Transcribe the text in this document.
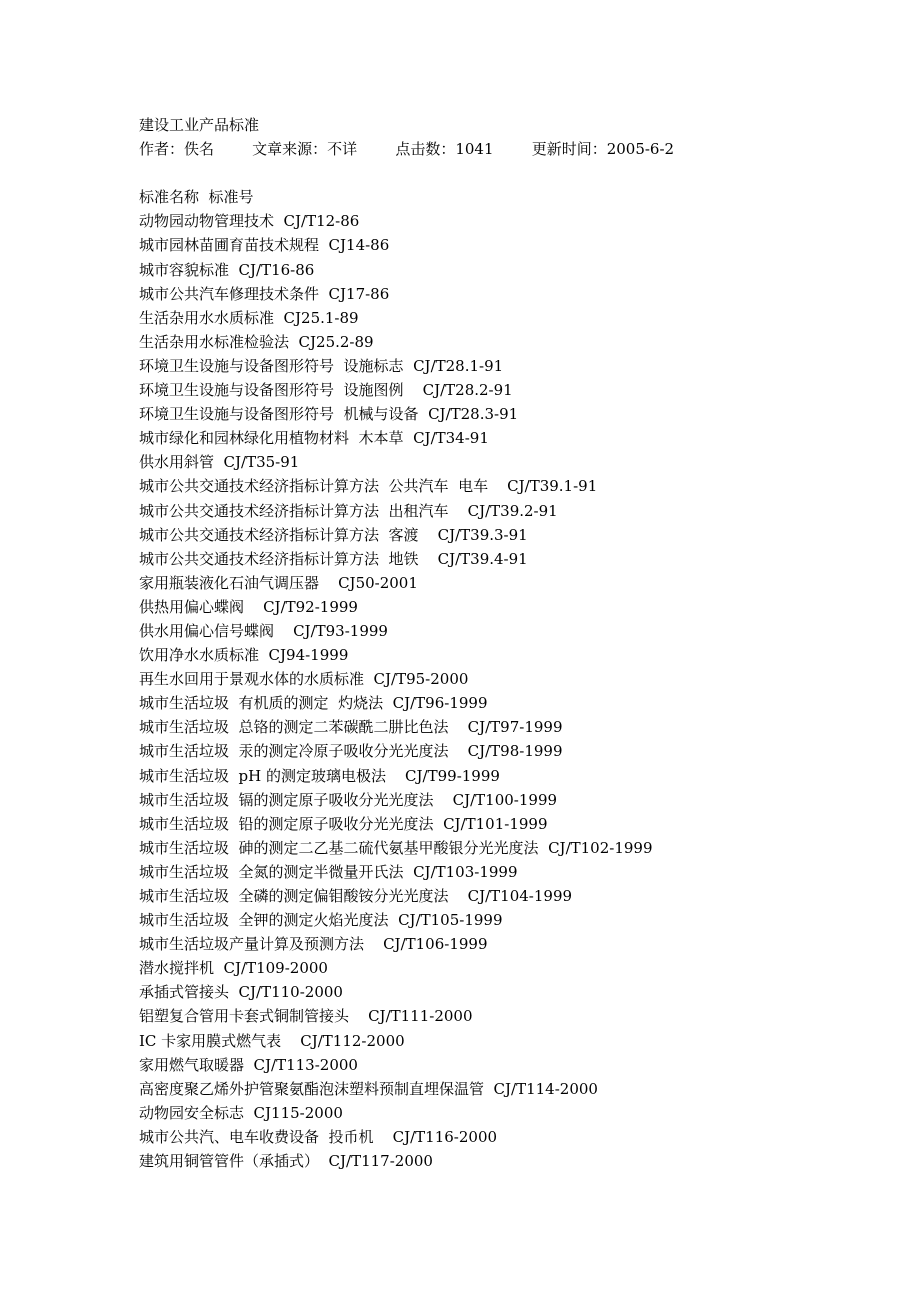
建设工业产品标准
作者：佚名	文章来源：不详	点击数：1041	更新时间：2005-6-2
标准名称  标准号
动物园动物管理技术  CJ/T12-86
城市园林苗圃育苗技术规程  CJ14-86
城市容貌标准  CJ/T16-86
城市公共汽车修理技术条件  CJ17-86
生活杂用水水质标准  CJ25.1-89
生活杂用水标准检验法  CJ25.2-89
环境卫生设施与设备图形符号  设施标志  CJ/T28.1-91
环境卫生设施与设备图形符号  设施图例    CJ/T28.2-91
环境卫生设施与设备图形符号  机械与设备  CJ/T28.3-91
城市绿化和园林绿化用植物材料  木本草  CJ/T34-91
供水用斜管  CJ/T35-91
城市公共交通技术经济指标计算方法  公共汽车  电车    CJ/T39.1-91
城市公共交通技术经济指标计算方法  出租汽车    CJ/T39.2-91
城市公共交通技术经济指标计算方法  客渡    CJ/T39.3-91
城市公共交通技术经济指标计算方法  地铁    CJ/T39.4-91
家用瓶装液化石油气调压器    CJ50-2001
供热用偏心蝶阀    CJ/T92-1999
供水用偏心信号蝶阀    CJ/T93-1999
饮用净水水质标准  CJ94-1999
再生水回用于景观水体的水质标准  CJ/T95-2000
城市生活垃圾  有机质的测定  灼烧法  CJ/T96-1999
城市生活垃圾  总铬的测定二苯碳酰二肼比色法    CJ/T97-1999
城市生活垃圾  汞的测定冷原子吸收分光光度法    CJ/T98-1999
城市生活垃圾  pH 的测定玻璃电极法    CJ/T99-1999
城市生活垃圾  镉的测定原子吸收分光光度法    CJ/T100-1999
城市生活垃圾  铅的测定原子吸收分光光度法  CJ/T101-1999
城市生活垃圾  砷的测定二乙基二硫代氨基甲酸银分光光度法  CJ/T102-1999
城市生活垃圾  全氮的测定半微量开氏法  CJ/T103-1999
城市生活垃圾  全磷的测定偏钼酸铵分光光度法    CJ/T104-1999
城市生活垃圾  全钾的测定火焰光度法  CJ/T105-1999
城市生活垃圾产量计算及预测方法    CJ/T106-1999
潜水搅拌机  CJ/T109-2000
承插式管接头  CJ/T110-2000
铝塑复合管用卡套式铜制管接头    CJ/T111-2000
IC 卡家用膜式燃气表    CJ/T112-2000
家用燃气取暖器  CJ/T113-2000
高密度聚乙烯外护管聚氨酯泡沫塑料预制直埋保温管  CJ/T114-2000
动物园安全标志  CJ115-2000
城市公共汽、电车收费设备  投币机    CJ/T116-2000
建筑用铜管管件（承插式）  CJ/T117-2000
